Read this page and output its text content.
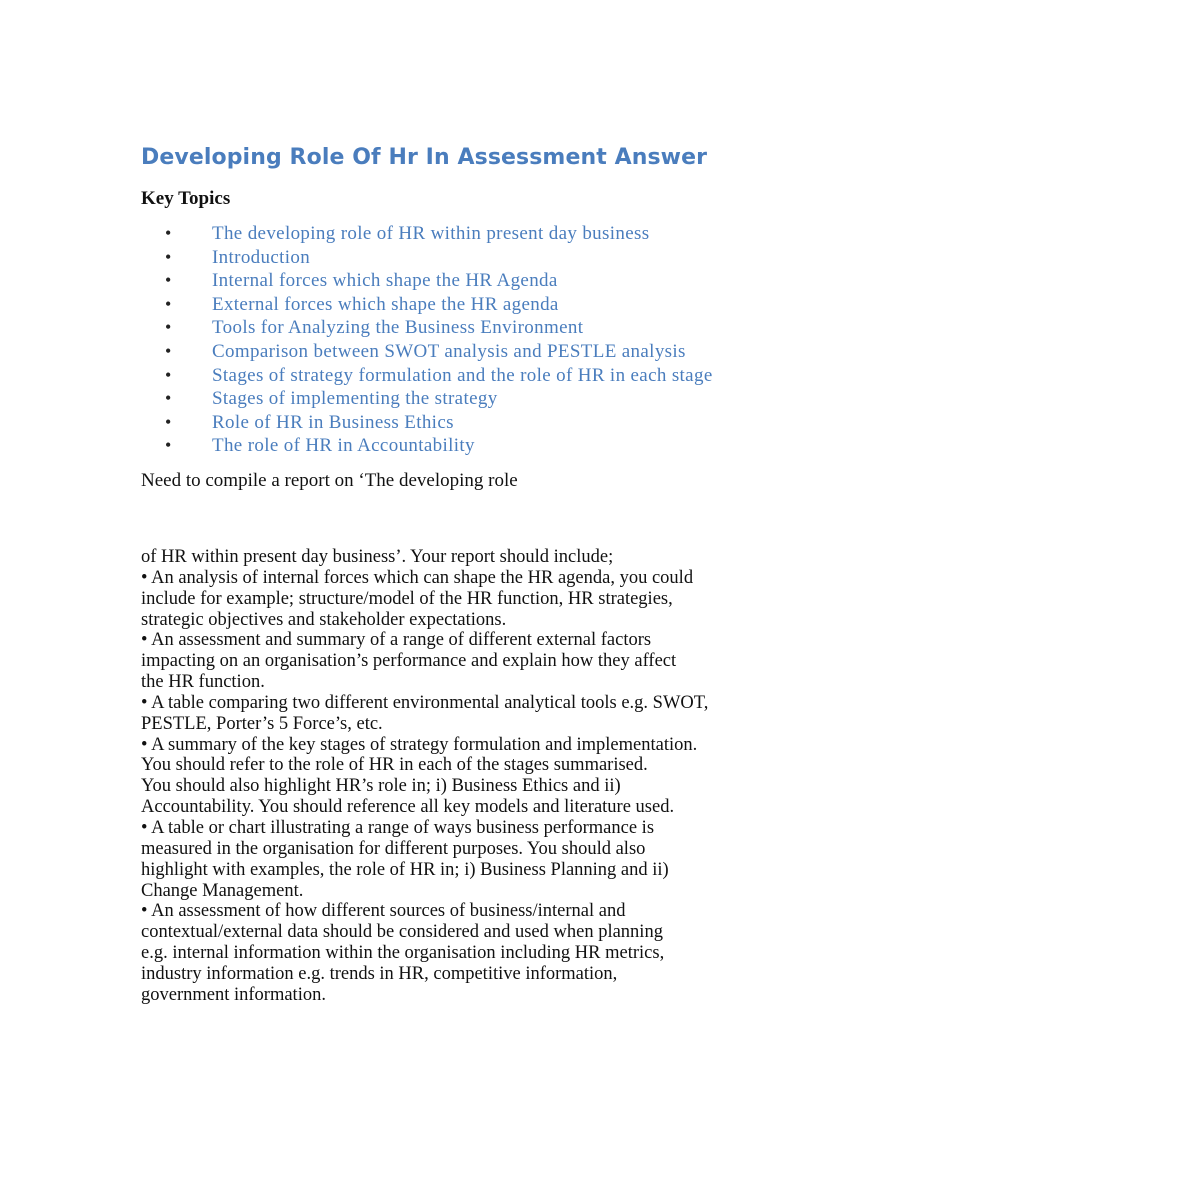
Developing Role Of Hr In Assessment Answer
Key Topics
• The developing role of HR within present day business
• Introduction
• Internal forces which shape the HR Agenda
• External forces which shape the HR agenda
• Tools for Analyzing the Business Environment
• Comparison between SWOT analysis and PESTLE analysis
• Stages of strategy formulation and the role of HR in each stage
• Stages of implementing the strategy
• Role of HR in Business Ethics
• The role of HR in Accountability

Need to compile a report on ‘The developing role

of HR within present day business’. Your report should include;
• An analysis of internal forces which can shape the HR agenda, you could
include for example; structure/model of the HR function, HR strategies,
strategic objectives and stakeholder expectations.
• An assessment and summary of a range of different external factors
impacting on an organisation’s performance and explain how they affect
the HR function.
• A table comparing two different environmental analytical tools e.g. SWOT,
PESTLE, Porter’s 5 Force’s, etc.
• A summary of the key stages of strategy formulation and implementation.
You should refer to the role of HR in each of the stages summarised.
You should also highlight HR’s role in; i) Business Ethics and ii)
Accountability. You should reference all key models and literature used.
• A table or chart illustrating a range of ways business performance is
measured in the organisation for different purposes. You should also
highlight with examples, the role of HR in; i) Business Planning and ii)
Change Management.
• An assessment of how different sources of business/internal and
contextual/external data should be considered and used when planning
e.g. internal information within the organisation including HR metrics,
industry information e.g. trends in HR, competitive information,
government information.
